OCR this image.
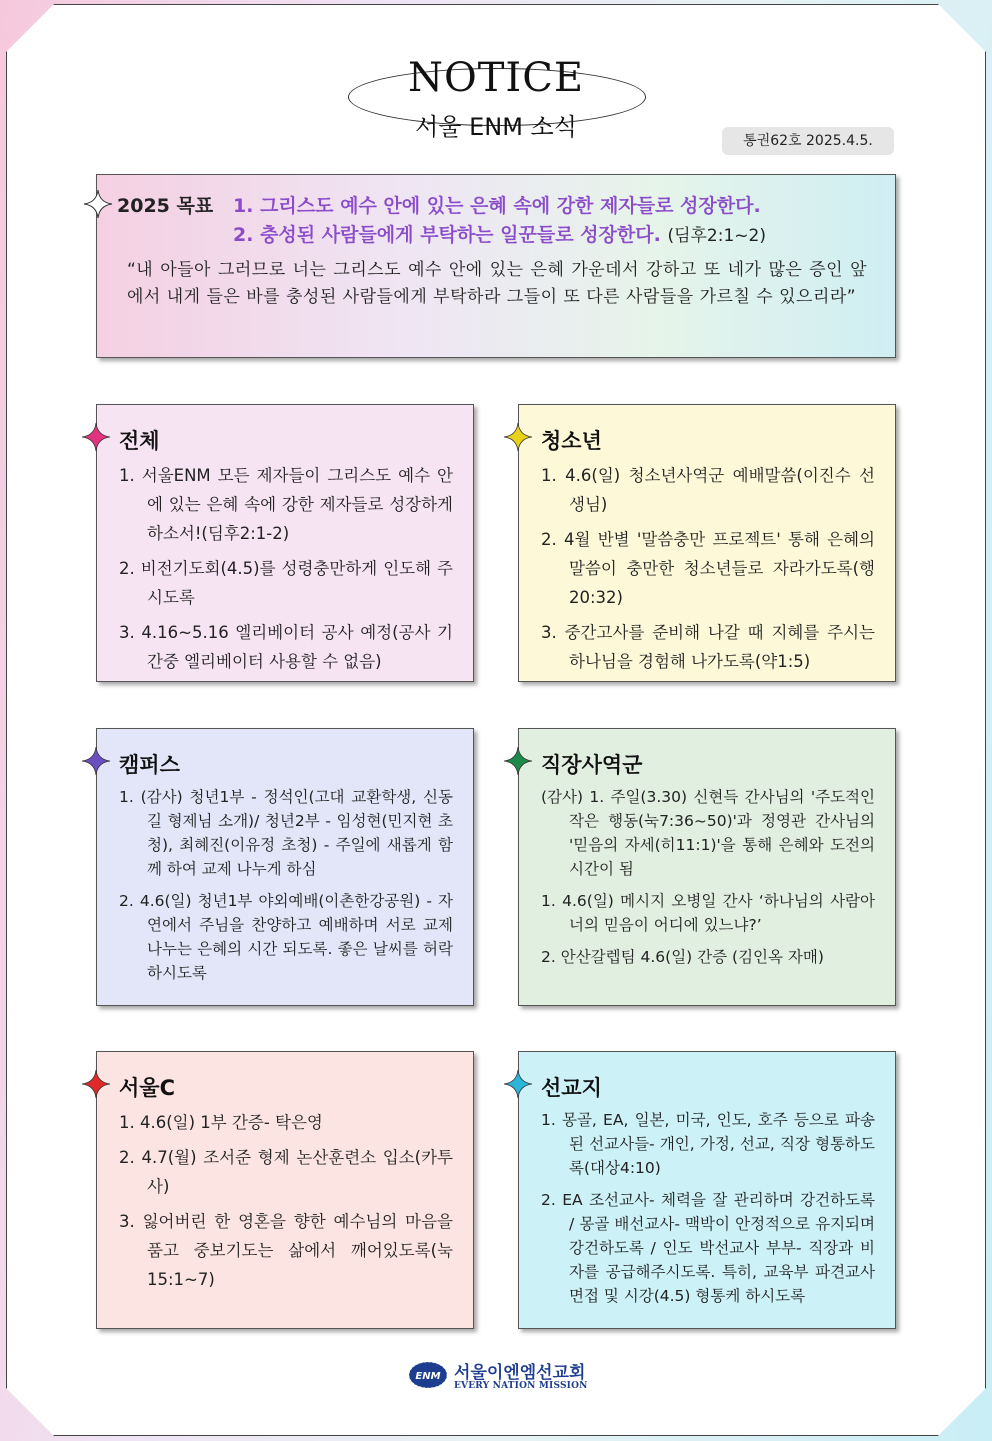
NOTICE
서울 ENM 소식	통권62호 2025.4.5.
2025 목표 1. 그리스도 예수 안에 있는 은혜 속에 강한 제자들로 성장한다.
2. 충성된 사람들에게 부탁하는 일꾼들로 성장한다. (딤후2:1~2)
“내 아들아 그러므로 너는 그리스도 예수 안에 있는 은혜 가운데서 강하고 또 네가 많은 증인 앞에서 내게 들은 바를 충성된 사람들에게 부탁하라 그들이 또 다른 사람들을 가르칠 수 있으리라”
전체
1. 서울ENM 모든 제자들이 그리스도 예수 안에 있는 은혜 속에 강한 제자들로 성장하게 하소서!(딤후2:1-2)
2. 비전기도회(4.5)를 성령충만하게 인도해 주시도록
3. 4.16~5.16 엘리베이터 공사 예정(공사 기간중 엘리베이터 사용할 수 없음)
청소년
1. 4.6(일) 청소년사역군 예배말씀(이진수 선생님)
2. 4월 반별 '말씀충만 프로젝트' 통해 은혜의 말씀이 충만한 청소년들로 자라가도록(행20:32)
3. 중간고사를 준비해 나갈 때 지혜를 주시는 하나님을 경험해 나가도록(약1:5)
캠퍼스
1. (감사) 청년1부 - 정석인(고대 교환학생, 신동길 형제님 소개)/ 청년2부 - 임성현(민지현 초청), 최혜진(이유정 초청) - 주일에 새롭게 함께 하여 교제 나누게 하심
2. 4.6(일) 청년1부 야외예배(이촌한강공원) - 자연에서 주님을 찬양하고 예배하며 서로 교제 나누는 은혜의 시간 되도록. 좋은 날씨를 허락하시도록
직장사역군
(감사) 1. 주일(3.30) 신현득 간사님의 '주도적인 작은 행동(눅7:36~50)'과 정영관 간사님의 '믿음의 자세(히11:1)'을 통해 은혜와 도전의 시간이 됨
1. 4.6(일) 메시지 오병일 간사 ‘하나님의 사람아 너의 믿음이 어디에 있느냐?’
2. 안산갈렙팀 4.6(일) 간증 (김인옥 자매)
서울C
1. 4.6(일) 1부 간증- 탁은영
2. 4.7(월) 조서준 형제 논산훈련소 입소(카투사)
3. 잃어버린 한 영혼을 향한 예수님의 마음을 품고 중보기도는 삶에서 깨어있도록(눅15:1~7)
선교지
1. 몽골, EA, 일본, 미국, 인도, 호주 등으로 파송된 선교사들- 개인, 가정, 선교, 직장 형통하도록(대상4:10)
2. EA 조선교사- 체력을 잘 관리하며 강건하도록 / 몽골 배선교사- 맥박이 안정적으로 유지되며 강건하도록 / 인도 박선교사 부부- 직장과 비자를 공급해주시도록. 특히, 교육부 파견교사 면접 및 시강(4.5) 형통케 하시도록
ENM 서울이엔엠선교회
EVERY NATION MISSION
